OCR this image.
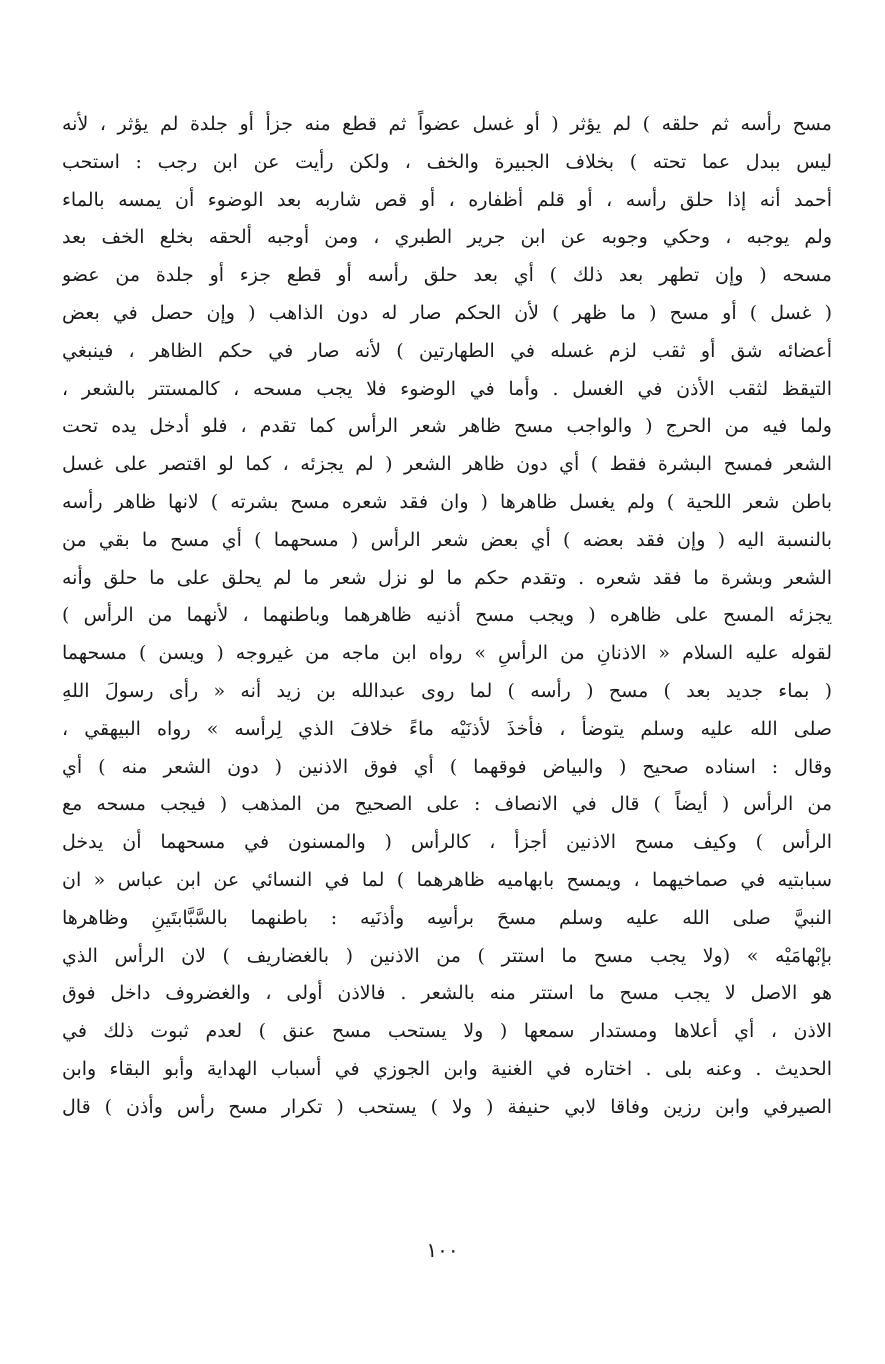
مسح رأسه ثم حلقه ) لم يؤثر ( أو غسل عضواً ثم قطع منه جزأ أو جلدة لم يؤثر ، لأنه
ليس ببدل عما تحته ) بخلاف الجبيرة والخف ، ولكن رأيت عن ابن رجب : استحب
أحمد أنه إذا حلق رأسه ، أو قلم أظفاره ، أو قص شاربه بعد الوضوء أن يمسه بالماء
ولم يوجبه ، وحكي وجوبه عن ابن جرير الطبري ، ومن أوجبه ألحقه بخلع الخف بعد
مسحه ( وإن تطهر بعد ذلك ) أي بعد حلق رأسه أو قطع جزء أو جلدة من عضو
( غسل ) أو مسح ( ما ظهر ) لأن الحكم صار له دون الذاهب ( وإن حصل في بعض
أعضائه شق أو ثقب لزم غسله في الطهارتين ) لأنه صار في حكم الظاهر ، فينبغي
التيقظ لثقب الأذن في الغسل . وأما في الوضوء فلا يجب مسحه ، كالمستتر بالشعر ،
ولما فيه من الحرج ( والواجب مسح ظاهر شعر الرأس كما تقدم ، فلو أدخل يده تحت
الشعر فمسح البشرة فقط ) أي دون ظاهر الشعر ( لم يجزئه ، كما لو اقتصر على غسل
باطن شعر اللحية ) ولم يغسل ظاهرها ( وان فقد شعره مسح بشرته ) لانها ظاهر رأسه
بالنسبة اليه ( وإن فقد بعضه ) أي بعض شعر الرأس ( مسحهما ) أي مسح ما بقي من
الشعر وبشرة ما فقد شعره . وتقدم حكم ما لو نزل شعر ما لم يحلق على ما حلق وأنه
يجزئه المسح على ظاهره ( ويجب مسح أذنيه ظاهرهما وباطنهما ، لأنهما من الرأس )
لقوله عليه السلام « الاذنانِ من الرأسِ » رواه ابن ماجه من غيروجه ( ويسن ) مسحهما
( بماء جديد بعد ) مسح ( رأسه ) لما روى عبدالله بن زيد أنه « رأى رسولَ اللهِ
صلى الله عليه وسلم يتوضأ ، فأخذَ لأذنَيْه ماءً خلافَ الذي لِرأسه » رواه البيهقي ،
وقال : اسناده صحيح ( والبياض فوقهما ) أي فوق الاذنين ( دون الشعر منه ) أي
من الرأس ( أيضاً ) قال في الانصاف : على الصحيح من المذهب ( فيجب مسحه مع
الرأس ) وكيف مسح الاذنين أجزأ ، كالرأس ( والمسنون في مسحهما أن يدخل
سبابتيه في صماخيهما ، ويمسح بابهاميه ظاهرهما ) لما في النسائي عن ابن عباس « ان
النبيَّ صلى الله عليه وسلم مسحَ برأسِه وأذنَيه : باطنهما بالسَّبَّابتَينِ وظاهرها
بإبْهامَيْه » (ولا يجب مسح ما استتر ) من الاذنين ( بالغضاريف ) لان الرأس الذي
هو الاصل لا يجب مسح ما استتر منه بالشعر . فالاذن أولى ، والغضروف داخل فوق
الاذن ، أي أعلاها ومستدار سمعها ( ولا يستحب مسح عنق ) لعدم ثبوت ذلك في
الحديث . وعنه بلى . اختاره في الغنية وابن الجوزي في أسباب الهداية وأبو البقاء وابن
الصيرفي وابن رزين وفاقا لابي حنيفة ( ولا ) يستحب ( تكرار مسح رأس وأذن ) قال
١٠٠
